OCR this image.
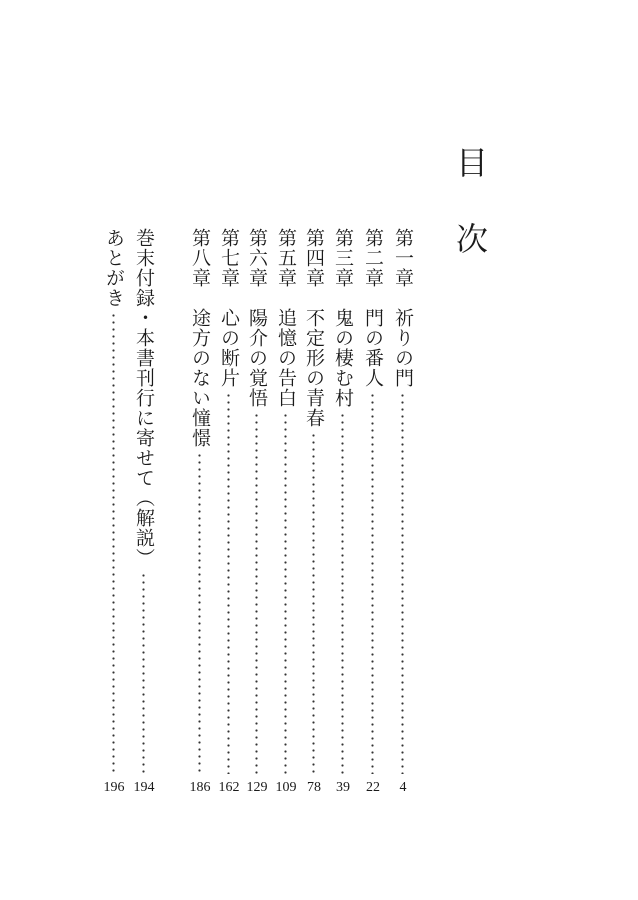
目
次
第一章　祈りの門
4
第二章　門の番人
22
第三章　鬼の棲む村
39
第四章　不定形の青春
78
第五章　追憶の告白
109
第六章　陽介の覚悟
129
第七章　心の断片
162
第八章　途方のない憧憬
186
巻末付録・本書刊行に寄せて（解説）
194
あとがき
196
